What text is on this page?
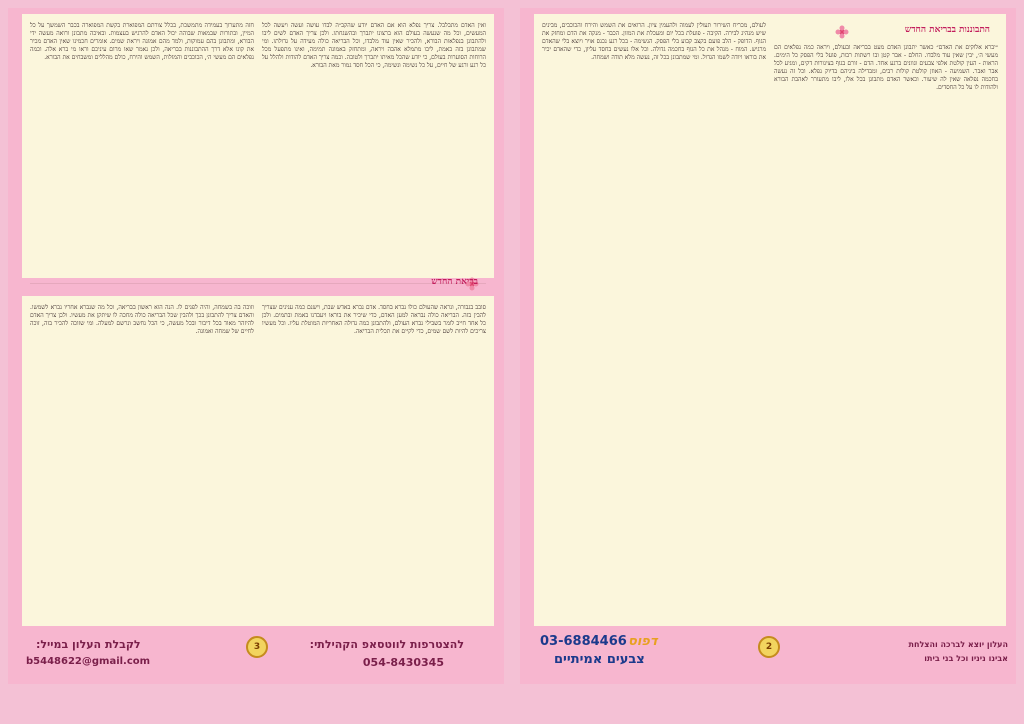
חזה מתערוך בעמידה מתמשכת, בכלל צורתם המפוארת בקשת המפוארה בכבר השמשך על כל המיין, ובתורות שבמאות שבוהה יכול האדם להרגיש בעצמות. ובאיכה מתבונן ורואה מעשה ידי הבורא, ומתבונן בהם עמוקות, ולמד מהם אמונה ויראת שמים. אומרים חכמינו שאין האדם מכיר את קונו אלא דרך ההתבוננות בבריאה, ולכן נאמר שאו מרום עיניכם וראו מי ברא אלה. וכמה נפלאים הם מעשי ה׳, הכוכבים והמזלות, השמש והירח, כולם מהללים ומשבחים את הבורא.
ואין האדם מתבלבל. צריך נפלא הוא אם האדם יודע שהקב״ה לבדו עושה ועשה ויעשה לכל המעשים, וכל מה שנעשה בעולם הוא ברצונו יתברך ובהשגחתו. ולכן צריך האדם לשים ליבו ולהתבונן בנפלאות הבורא, ולהכיר שאין עוד מלבדו, וכל הבריאה כולה מעידה על גדולתו. ומי שמתבונן בזה באמת, ליבו מתמלא אהבה ויראה, ומתחזק באמונה תמימה, ואינו מתפעל מכל הרוחות הסוערות בעולם, כי יודע שהכל מאיתו יתברך ולטובה. וכמה צריך האדם להודות ולהלל על כל רגע ורגע של חיים, על כל נשימה ונשימה, כי הכל חסד גמור מאת הבורא.
בריאת החדש
וזוכה בה בשמחה, והיה לפנים לו. הנה הוא ראשון בבריאה, וכל מה שנברא אחריו נברא לשמשו. והאדם צריך להתבונן בכך ולהבין שכל הבריאה כולה מחכה לו שיתקן את מעשיו. ולכן צריך האדם להיזהר מאוד בכל דיבור ובכל מעשה, כי הכל נחשב ונרשם למעלה. ומי שזוכה להכיר בזה, זוכה לחיים של שמחה ואמונה.
סובב בגבורה, ונראה שהעולם כולו נברא בחסד. אדם נברא באדש שבת, וישנם כמה ענינים שצריך להבין בזה. הבריאה כולה נבראה למען האדם, כדי שיכיר את בוראו ויעבדנו באמת ובתמים. ולכן כל אחד חייב לומר בשבילי נברא העולם, ולהתבונן כמה גדולה האחריות המוטלת עליו. וכל מעשיו צריכים להיות לשם שמים, כדי לקיים את תכלית הבריאה.
3	להצטרפות לווטסאפ הקהילתי:
054-8430345
לקבלת העלון במייל:
b5448622@gmail.com
התבוננות בבריאת החדש
״יברא אלוקים את האדם״ כאשר יתבונן האדם מעט בבריאה ובעולם, ויראה כמה נפלאים הם מעשי ה׳, יבין שאין עוד מלבדו. החלם - אבר קטן ובו רשתות רבות, פועל בלי הפסק כל הימים. הראות - העין קולטת אלפי צבעים וגוונים ברגע אחד. הדם - זורם בגוף בצינורות דקים, ומגיע לכל אבר ואבר. השמיעה - האוזן קולטת קולות רבים, ומבדילה ביניהם בדיוק נפלא. וכל זה נעשה בחכמה נפלאה שאין לה שיעור. וכאשר האדם מתבונן בכל אלו, ליבו מתעורר לאהבת הבורא ולהודות לו על כל החסדים.
לעולם, מכריח השירור תעולין לעמוה ולהעמין ציון. הרואים את השמש והירח והכוכבים, מבינים שיש מנהיג לבירה. הקיבה - פועלת בכל יום ומעכלת את המזון. הכבד - מנקה את הדם ומחזק את הגוף. הדופק - הלב פועם בקצב קבוע בלי הפסק. הנשימה - בכל רגע נכנס אויר ויוצא בלי שהאדם מרגיש. המוח - מנהל את כל הגוף בחכמה גדולה. וכל אלו נעשים בחסד עליון, כדי שהאדם יכיר את בוראו ויודה לשמו הגדול. ומי שמתבונן בכל זה, נעשה מלא תודה ושמחה.
2	העלון יוצא לברכה והצלחת
אבינו ניניו וכל בני ביתו
03-6884466 דפוס
צבעים אמיתיים
